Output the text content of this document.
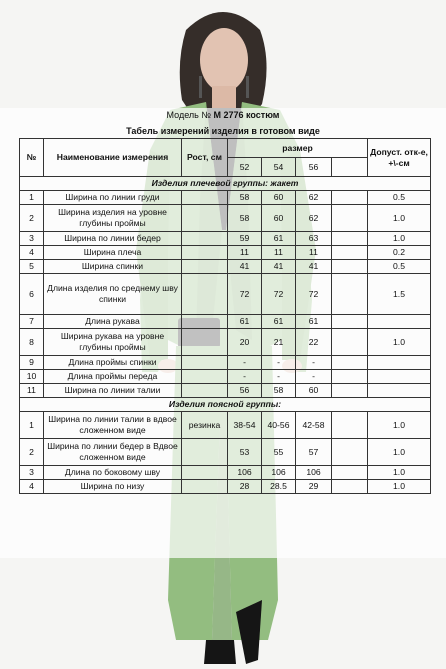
Модель № М 2776 костюм
Табель измерений изделия в готовом виде
№	Наименование измерения	Рост, см	размер				Допуст. отк-е, +\-см
			52	54	56		
Изделия плечевой группы: жакет							
1	Ширина по линии груди		58	60	62		0.5
2	Ширина изделия на уровне глубины проймы		58	60	62		1.0
3	Ширина по линии бедер		59	61	63		1.0
4	Ширина плеча		11	11	11		0.2
5	Ширина спинки		41	41	41		0.5
6	Длина изделия по среднему шву спинки		72	72	72		1.5
7	Длина рукава		61	61	61		
8	Ширина рукава на уровне глубины проймы		20	21	22		1.0
9	Длина проймы спинки		-	-	-		
10	Длина проймы переда		-	-	-		
11	Ширина по линии талии		56	58	60		
Изделия поясной группы:							
1	Ширина по линии талии в вдвое сложенном виде	резинка	38-54	40-56	42-58		1.0
2	Ширина по линии бедер в Вдвое сложенном виде		53	55	57		1.0
3	Длина по боковому шву		106	106	106		1.0
4	Ширина по низу		28	28.5	29		1.0
